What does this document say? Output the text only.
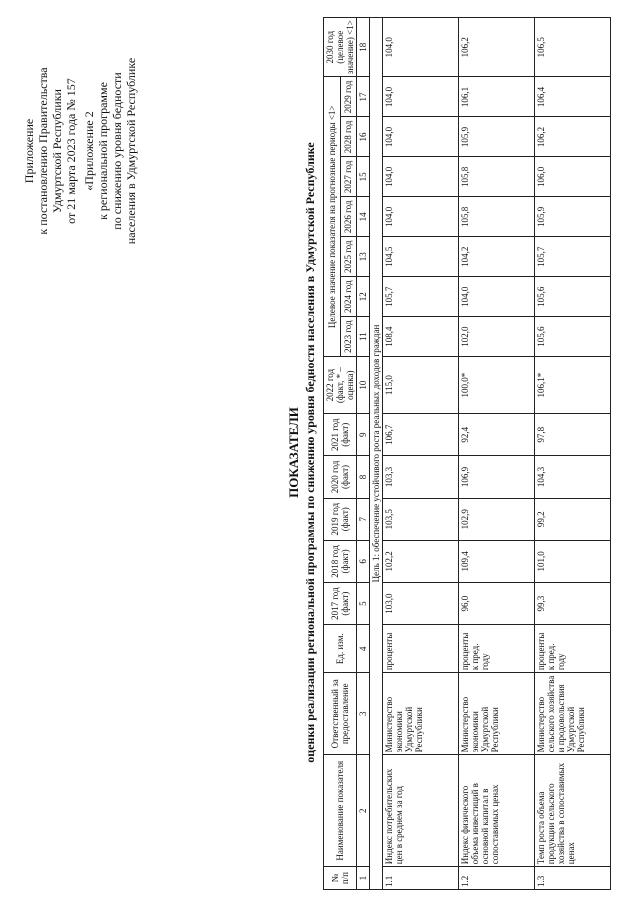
Приложение к постановлению Правительства Удмуртской Республики от 21 марта 2023 года № 157 «Приложение 2 к региональной программе по снижению уровня бедности населения в Удмуртской Республике
ПОКАЗАТЕЛИ оценки реализации региональной программы по снижению уровня бедности населения в Удмуртской Республике
№ п/п	Наименование показателя	Ответственный за предоставление	Ед. изм.	2017 год (факт)	2018 год (факт)	2019 год (факт)	2020 год (факт)	2021 год (факт)	2022 год (факт, * – оценка)	Целевое значение показателя на прогнозные периоды <1>							2030 год (целевое значение) <1>
										2023 год	2024 год	2025 год	2026 год	2027 год	2028 год	2029 год	
1	2	3	4	5	6	7	8	9	10	11	12	13	14	15	16	17	18
Цель 1: обеспечение устойчивого роста реальных доходов граждан																	
1.1	Индекс потребительских цен в среднем за год	Министерство экономики Удмуртской Республики	проценты	103,0	102,2	103,5	103,3	106,7	115,0	108,4	105,7	104,5	104,0	104,0	104,0	104,0	104,0
1.2	Индекс физического объема инвестиций в основной капитал в сопоставимых ценах	Министерство экономики Удмуртской Республики	проценты к пред. году	96,0	109,4	102,9	106,9	92,4	100,0*	102,0	104,0	104,2	105,8	105,8	105,9	106,1	106,2
1.3	Темп роста объема продукции сельского хозяйства в сопоставимых ценах	Министерство сельского хозяйства и продовольствия Удмуртской Республики	проценты к пред. году	99,3	101,0	99,2	104,3	97,8	106,1*	105,6	105,6	105,7	105,9	106,0	106,2	106,4	106,5
